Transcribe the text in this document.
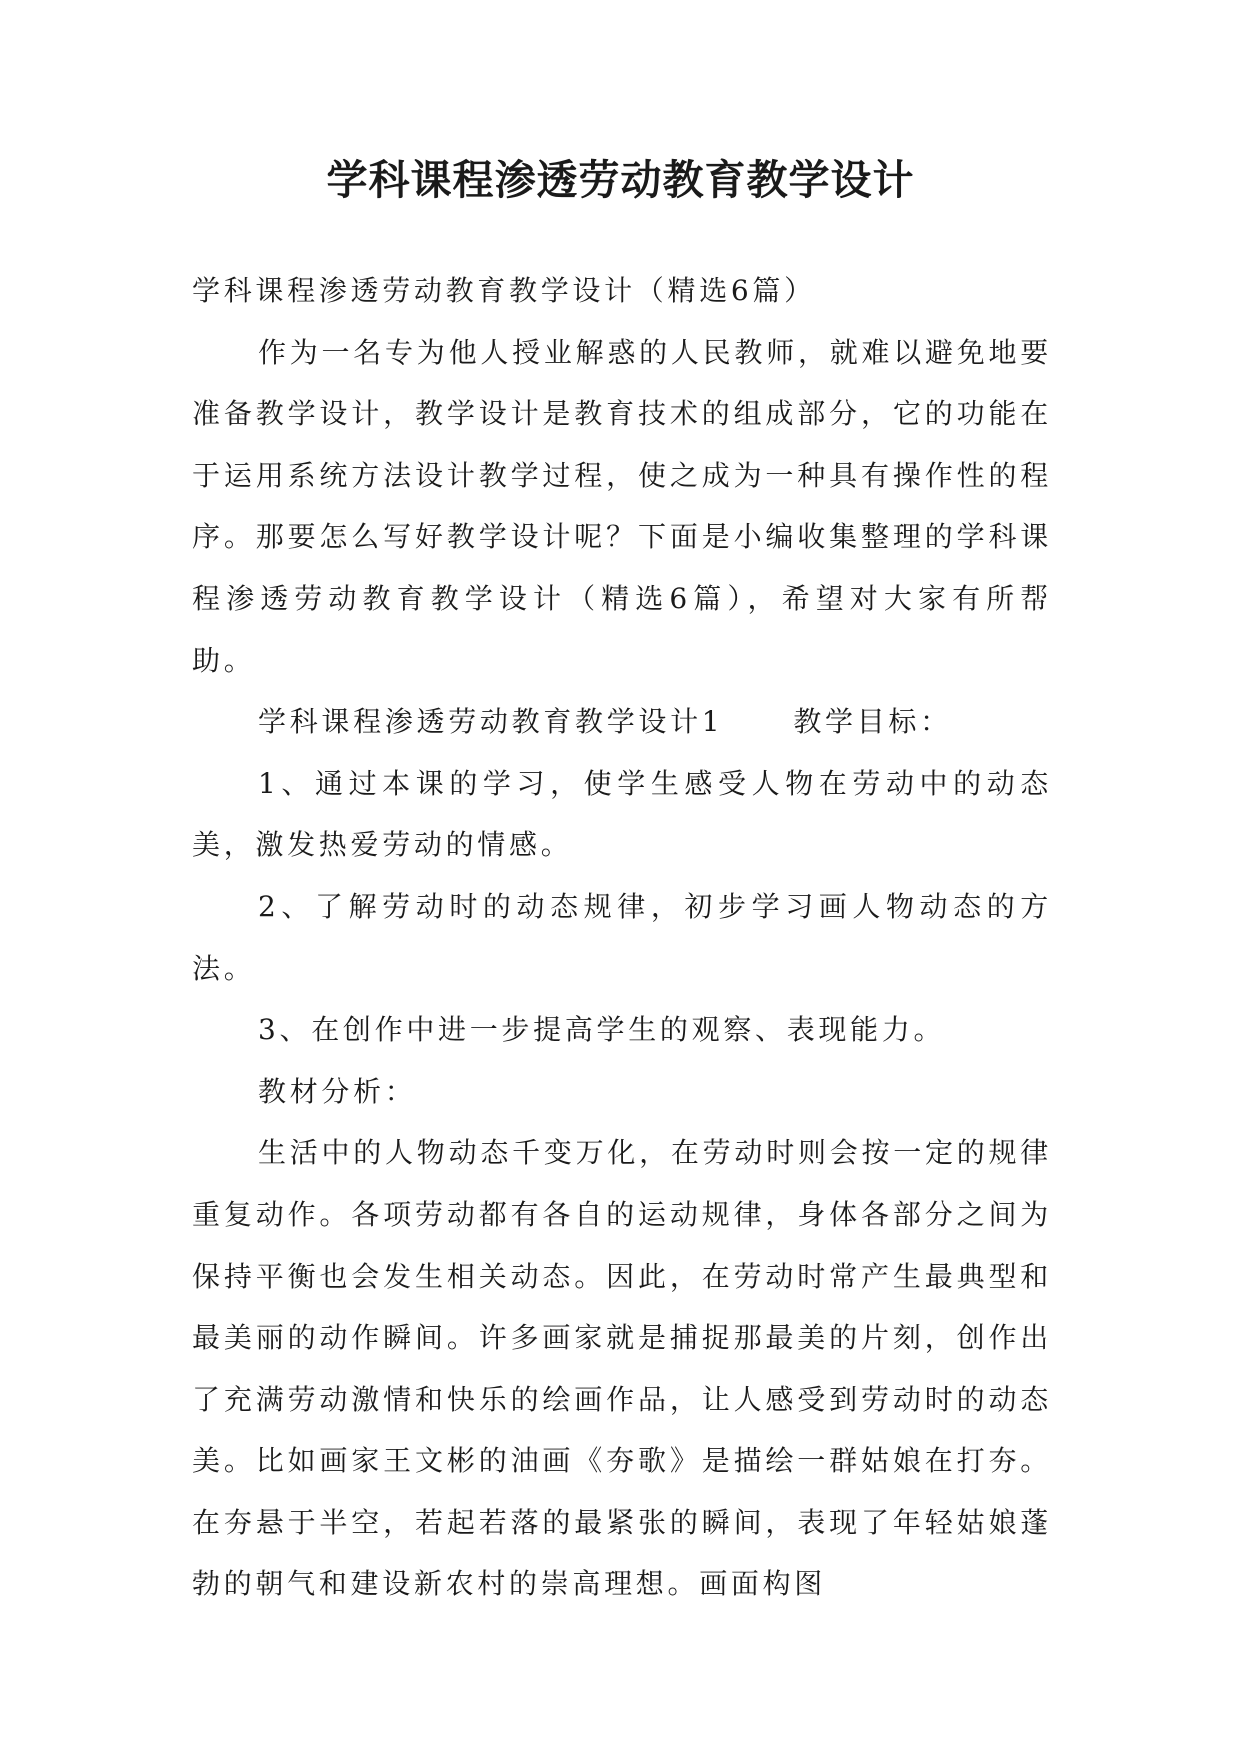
学科课程渗透劳动教育教学设计

学科课程渗透劳动教育教学设计（精选6篇）

作为一名专为他人授业解惑的人民教师，就难以避免地要准备教学设计，教学设计是教育技术的组成部分，它的功能在于运用系统方法设计教学过程，使之成为一种具有操作性的程序。那要怎么写好教学设计呢？下面是小编收集整理的学科课程渗透劳动教育教学设计（精选6篇），希望对大家有所帮助。

学科课程渗透劳动教育教学设计1	教学目标：

1、通过本课的学习，使学生感受人物在劳动中的动态美，激发热爱劳动的情感。

2、了解劳动时的动态规律，初步学习画人物动态的方法。

3、在创作中进一步提高学生的观察、表现能力。

教材分析：

生活中的人物动态千变万化，在劳动时则会按一定的规律重复动作。各项劳动都有各自的运动规律，身体各部分之间为保持平衡也会发生相关动态。因此，在劳动时常产生最典型和最美丽的动作瞬间。许多画家就是捕捉那最美的片刻，创作出了充满劳动激情和快乐的绘画作品，让人感受到劳动时的动态美。比如画家王文彬的油画《夯歌》是描绘一群姑娘在打夯。在夯悬于半空，若起若落的最紧张的瞬间，表现了年轻姑娘蓬勃的朝气和建设新农村的崇高理想。画面构图
